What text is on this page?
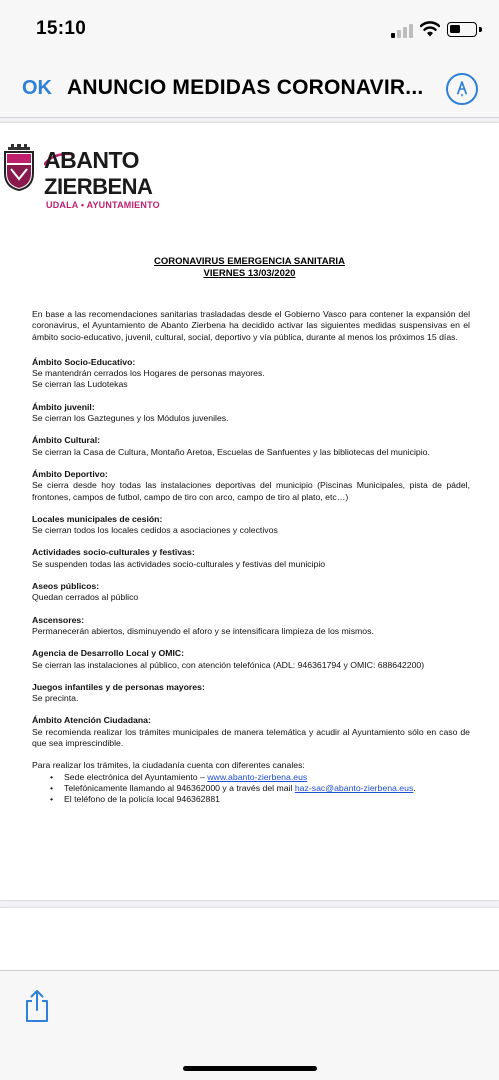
15:10
OK ANUNCIO MEDIDAS CORONAVIR...
ABANTO
ZIERBENA
UDALA • AYUNTAMIENTO
CORONAVIRUS EMERGENCIA SANITARIA
VIERNES 13/03/2020

En base a las recomendaciones sanitarias trasladadas desde el Gobierno Vasco para contener la expansión del coronavirus, el Ayuntamiento de Abanto Zierbena ha decidido activar las siguientes medidas suspensivas en el ámbito socio-educativo, juvenil, cultural, social, deportivo y vía pública, durante al menos los próximos 15 días.

Ámbito Socio-Educativo:
Se mantendrán cerrados los Hogares de personas mayores.
Se cierran las Ludotekas
Ámbito juvenil:
Se cierran los Gaztegunes y los Módulos juveniles.
Ámbito Cultural:
Se cierran la Casa de Cultura, Montaño Aretoa, Escuelas de Sanfuentes y las bibliotecas del municipio.
Ámbito Deportivo:
Se cierra desde hoy todas las instalaciones deportivas del municipio (Piscinas Municipales, pista de pádel, frontones, campos de futbol, campo de tiro con arco, campo de tiro al plato, etc…)
Locales municipales de cesión:
Se cierran todos los locales cedidos a asociaciones y colectivos
Actividades socio-culturales y festivas:
Se suspenden todas las actividades socio-culturales y festivas del municipio
Aseos públicos:
Quedan cerrados al público
Ascensores:
Permanecerán abiertos, disminuyendo el aforo y se intensificara limpieza de los mismos.
Agencia de Desarrollo Local y OMIC:
Se cierran las instalaciones al público, con atención telefónica (ADL: 946361794 y OMIC: 688642200)
Juegos infantiles y de personas mayores:
Se precinta.
Ámbito Atención Ciudadana:
Se recomienda realizar los trámites municipales de manera telemática y acudir al Ayuntamiento sólo en caso de que sea imprescindible.

Para realizar los trámites, la ciudadanía cuenta con diferentes canales:

• Sede electrónica del Ayuntamiento – www.abanto-zierbena.eus
• Telefónicamente llamando al 946362000 y a través del mail haz-sac@abanto-zierbena.eus.
• El teléfono de la policía local 946362881
